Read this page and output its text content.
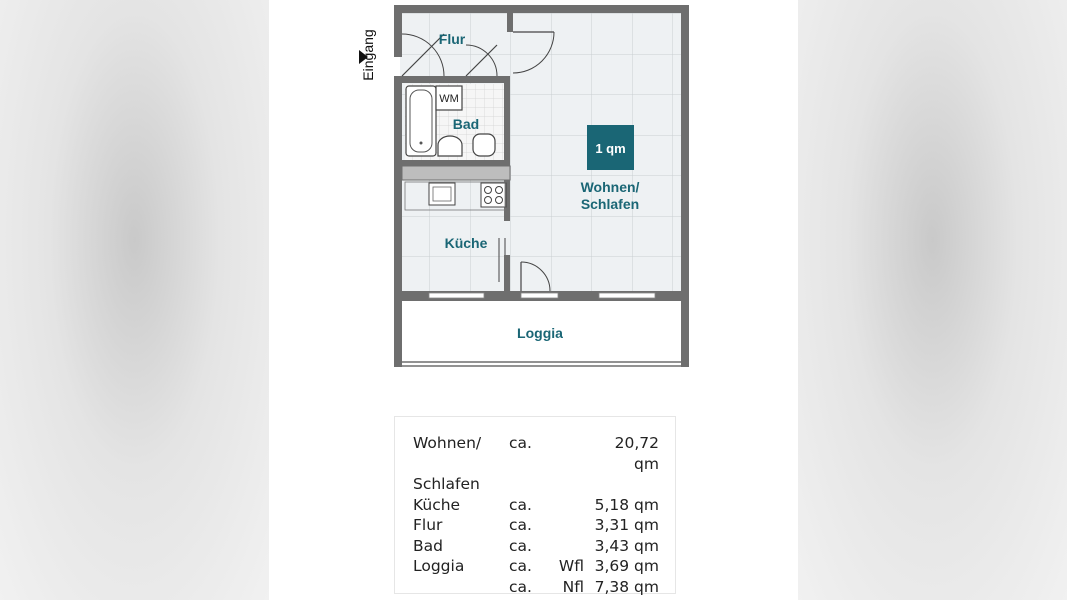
1 qm
Flur
Bad
WM
Küche
Wohnen/
Schlafen
Loggia
Eingang
Wohnen/	ca.		20,72 qm
Schlafen			
Küche	ca.		5,18 qm
Flur	ca.		3,31 qm
Bad	ca.		3,43 qm
Loggia	ca.	Wfl	3,69 qm
	ca.	Nfl	7,38 qm
